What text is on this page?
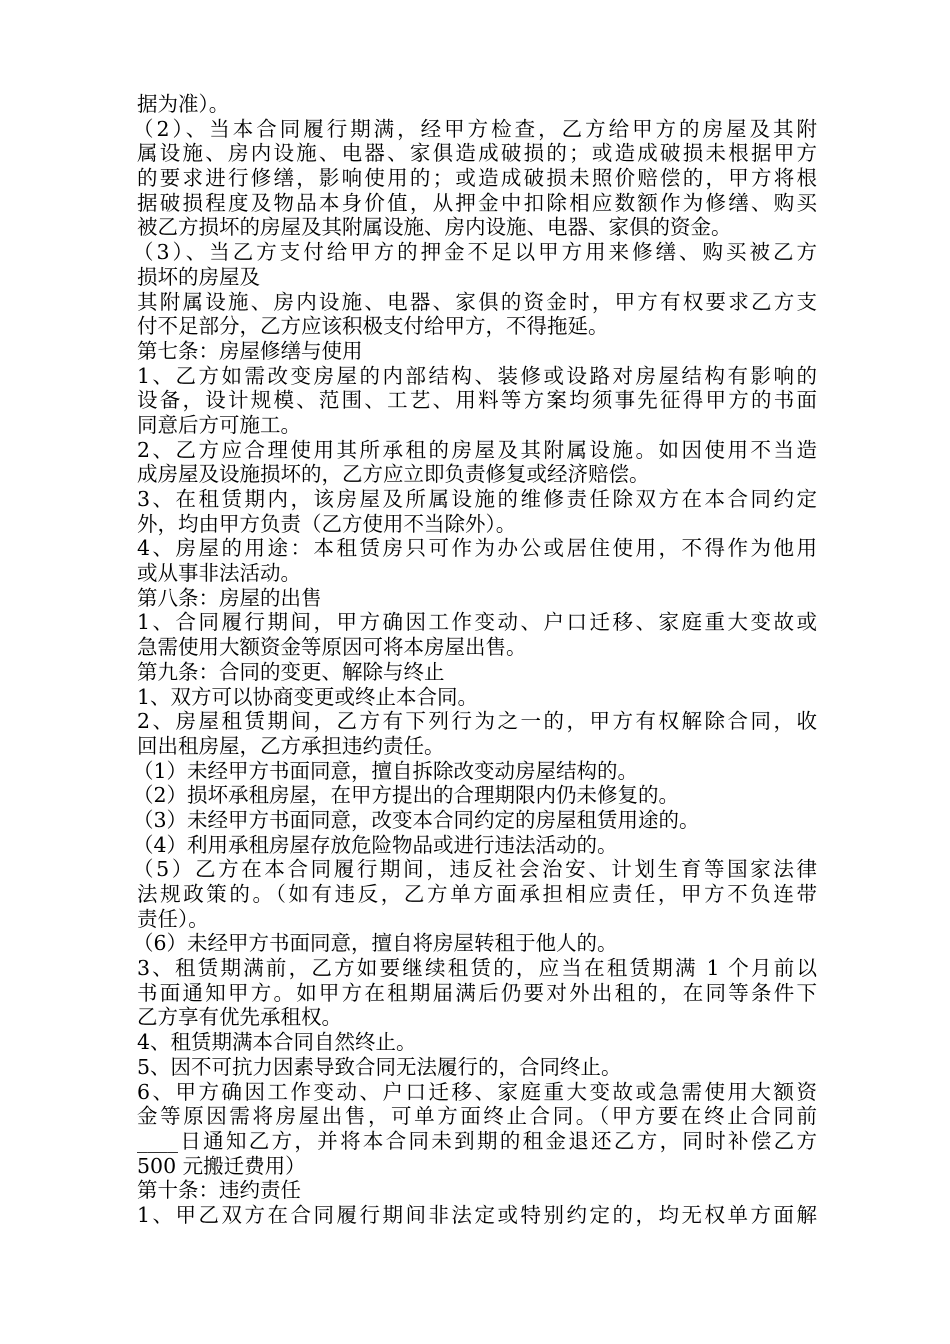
据为准）。
（2）、当本合同履行期满，经甲方检查，乙方给甲方的房屋及其附
属设施、房内设施、电器、家俱造成破损的；或造成破损未根据甲方
的要求进行修缮，影响使用的；或造成破损未照价赔偿的，甲方将根
据破损程度及物品本身价值，从押金中扣除相应数额作为修缮、购买
被乙方损坏的房屋及其附属设施、房内设施、电器、家俱的资金。
（3）、当乙方支付给甲方的押金不足以甲方用来修缮、购买被乙方
损坏的房屋及
其附属设施、房内设施、电器、家俱的资金时，甲方有权要求乙方支
付不足部分，乙方应该积极支付给甲方，不得拖延。
第七条：房屋修缮与使用
1、乙方如需改变房屋的内部结构、装修或设路对房屋结构有影响的
设备，设计规模、范围、工艺、用料等方案均须事先征得甲方的书面
同意后方可施工。
2、乙方应合理使用其所承租的房屋及其附属设施。如因使用不当造
成房屋及设施损坏的，乙方应立即负责修复或经济赔偿。
3、在租赁期内，该房屋及所属设施的维修责任除双方在本合同约定
外，均由甲方负责（乙方使用不当除外）。
4、房屋的用途：本租赁房只可作为办公或居住使用，不得作为他用
或从事非法活动。
第八条：房屋的出售
1、合同履行期间，甲方确因工作变动、户口迁移、家庭重大变故或
急需使用大额资金等原因可将本房屋出售。
第九条：合同的变更、解除与终止
1、双方可以协商变更或终止本合同。
2、房屋租赁期间，乙方有下列行为之一的，甲方有权解除合同，收
回出租房屋，乙方承担违约责任。
（1）未经甲方书面同意，擅自拆除改变动房屋结构的。
（2）损坏承租房屋，在甲方提出的合理期限内仍未修复的。
（3）未经甲方书面同意，改变本合同约定的房屋租赁用途的。
（4）利用承租房屋存放危险物品或进行违法活动的。
（5）乙方在本合同履行期间，违反社会治安、计划生育等国家法律
法规政策的。（如有违反，乙方单方面承担相应责任，甲方不负连带
责任）。
（6）未经甲方书面同意，擅自将房屋转租于他人的。
3、租赁期满前，乙方如要继续租赁的，应当在租赁期满 1 个月前以
书面通知甲方。如甲方在租期届满后仍要对外出租的，在同等条件下
乙方享有优先承租权。
4、租赁期满本合同自然终止。
5、因不可抗力因素导致合同无法履行的，合同终止。
6、甲方确因工作变动、户口迁移、家庭重大变故或急需使用大额资
金等原因需将房屋出售，可单方面终止合同。（甲方要在终止合同前
____日通知乙方，并将本合同未到期的租金退还乙方，同时补偿乙方
500 元搬迁费用）
第十条：违约责任
1、甲乙双方在合同履行期间非法定或特别约定的，均无权单方面解
